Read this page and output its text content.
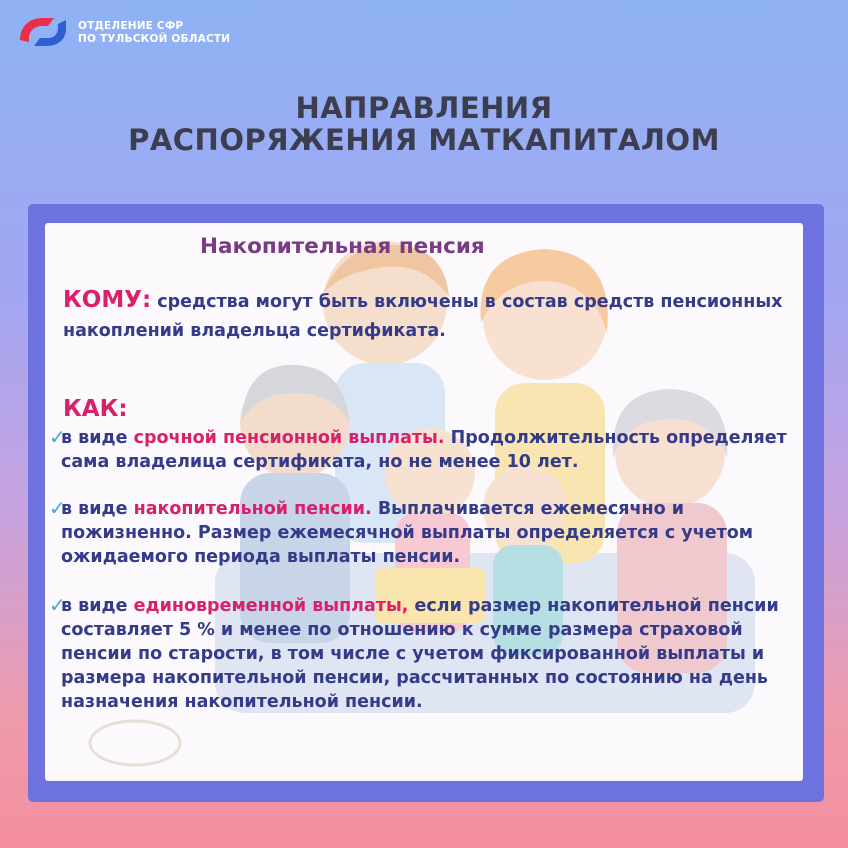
ОТДЕЛЕНИЕ СФР
ПО ТУЛЬСКОЙ ОБЛАСТИ
НАПРАВЛЕНИЯ
РАСПОРЯЖЕНИЯ МАТКАПИТАЛОМ
Накопительная пенсия
КОМУ: средства могут быть включены в состав средств пенсионных накоплений владельца сертификата.
КАК:
✓
в виде срочной пенсионной выплаты. Продолжительность определяет сама владелица сертификата, но не менее 10 лет.
✓
в виде накопительной пенсии. Выплачивается ежемесячно и пожизненно. Размер ежемесячной выплаты определяется с учетом ожидаемого периода выплаты пенсии.
✓
в виде единовременной выплаты, если размер накопительной пенсии составляет 5 % и менее по отношению к сумме размера страховой пенсии по старости, в том числе с учетом фиксированной выплаты и размера накопительной пенсии, рассчитанных по состоянию на день назначения накопительной пенсии.
